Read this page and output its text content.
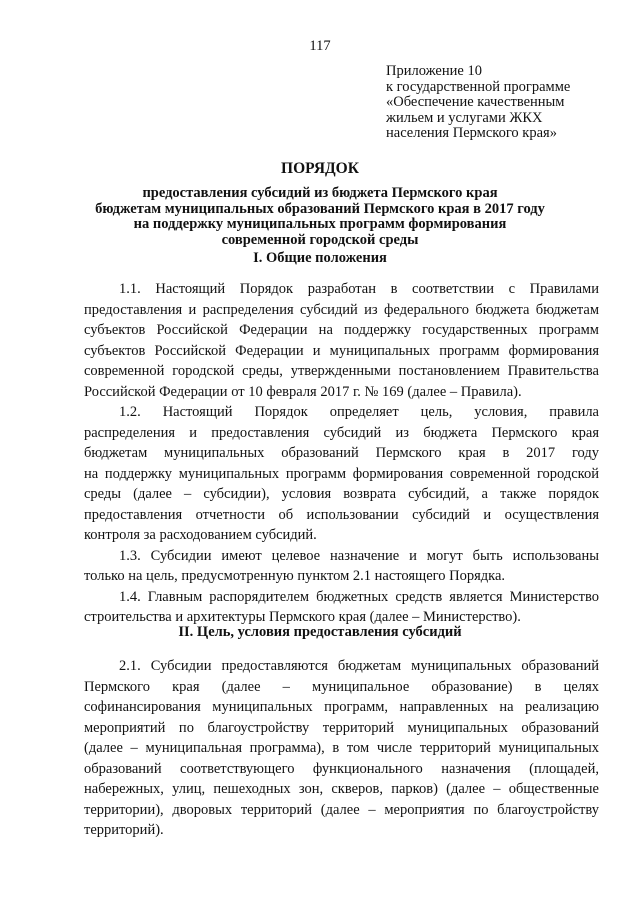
117
Приложение 10
к государственной программе
«Обеспечение качественным
жильем и услугами ЖКХ
населения Пермского края»
ПОРЯДОК
предоставления субсидий из бюджета Пермского края
бюджетам муниципальных образований Пермского края в 2017 году
на поддержку муниципальных программ формирования
современной городской среды
I. Общие положения
1.1. Настоящий Порядок разработан в соответствии с Правилами
предоставления и распределения субсидий из федерального бюджета бюджетам
субъектов Российской Федерации на поддержку государственных программ
субъектов Российской Федерации и муниципальных программ формирования
современной городской среды, утвержденными постановлением Правительства
Российской Федерации от 10 февраля 2017 г. № 169 (далее – Правила).
1.2. Настоящий Порядок определяет цель, условия, правила
распределения и предоставления субсидий из бюджета Пермского края
бюджетам муниципальных образований Пермского края в 2017 году
на поддержку муниципальных программ формирования современной городской
среды (далее – субсидии), условия возврата субсидий, а также порядок
предоставления отчетности об использовании субсидий и осуществления
контроля за расходованием субсидий.
1.3. Субсидии имеют целевое назначение и могут быть использованы
только на цель, предусмотренную пунктом 2.1 настоящего Порядка.
1.4. Главным распорядителем бюджетных средств является Министерство
строительства и архитектуры Пермского края (далее – Министерство).
II. Цель, условия предоставления субсидий
2.1. Субсидии предоставляются бюджетам муниципальных образований
Пермского края (далее – муниципальное образование) в целях
софинансирования муниципальных программ, направленных на реализацию
мероприятий по благоустройству территорий муниципальных образований
(далее – муниципальная программа), в том числе территорий муниципальных
образований соответствующего функционального назначения (площадей,
набережных, улиц, пешеходных зон, скверов, парков) (далее – общественные
территории), дворовых территорий (далее – мероприятия по благоустройству
территорий).
